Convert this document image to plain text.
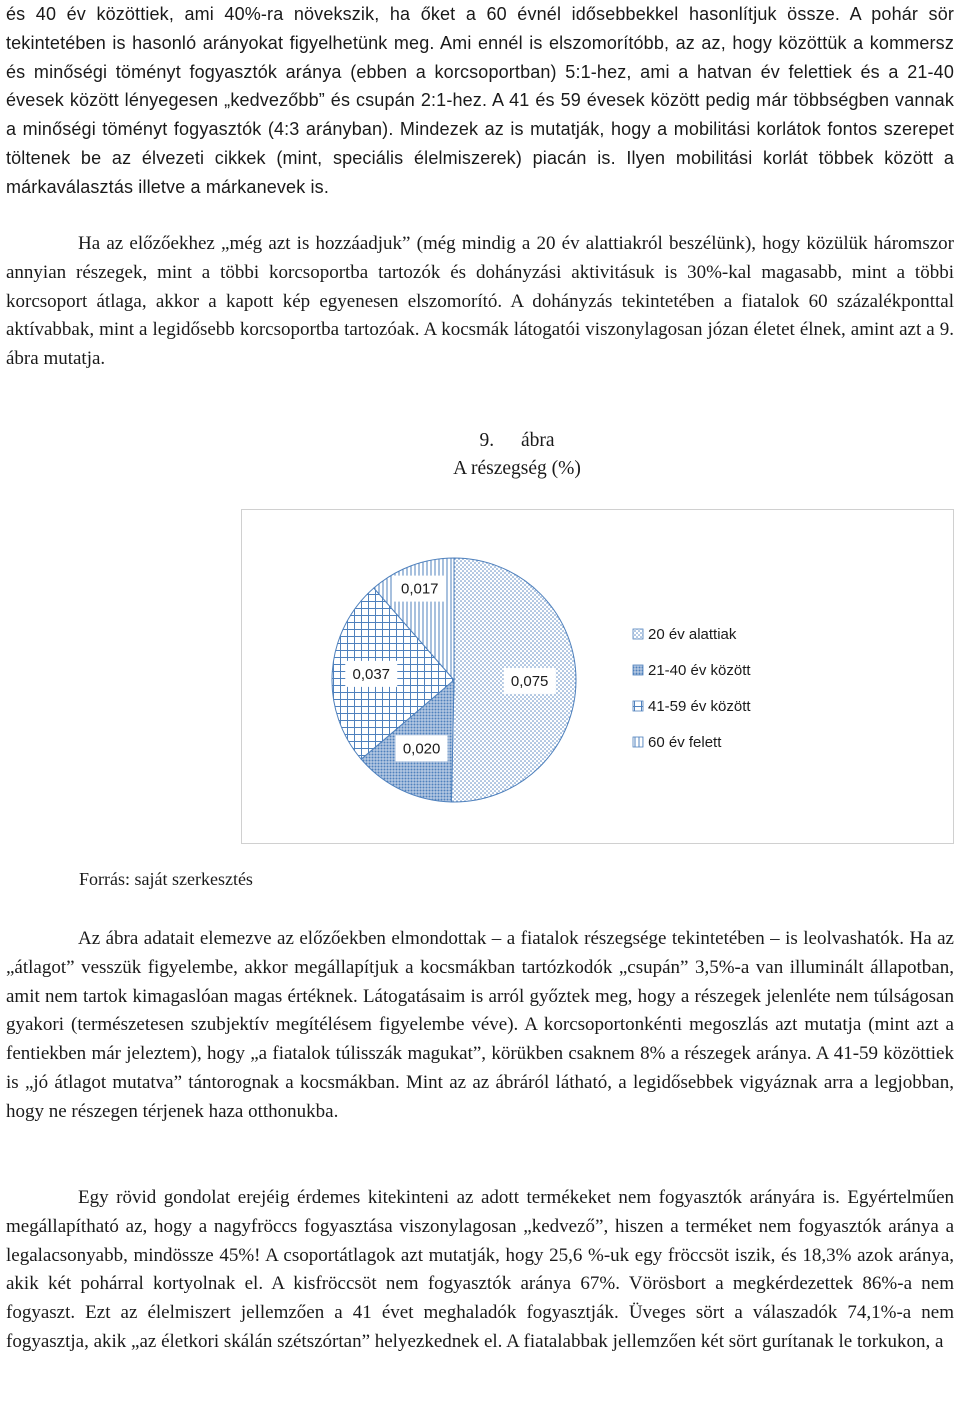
és 40 év közöttiek, ami 40%-ra növekszik, ha őket a 60 évnél idősebbekkel hasonlítjuk össze. A pohár sör tekintetében is hasonló arányokat figyelhetünk meg. Ami ennél is elszomorítóbb, az az, hogy közöttük a kommersz és minőségi töményt fogyasztók aránya (ebben a korcsoportban) 5:1-hez, ami a hatvan év felettiek és a 21-40 évesek között lényegesen „kedvezőbb” és csupán 2:1-hez. A 41 és 59 évesek között pedig már többségben vannak a minőségi töményt fogyasztók (4:3 arányban). Mindezek az is mutatják, hogy a mobilitási korlátok fontos szerepet töltenek be az élvezeti cikkek (mint, speciális élelmiszerek) piacán is. Ilyen mobilitási korlát többek között a márkaválasztás illetve a márkanevek is.

Ha az előzőekhez „még azt is hozzáadjuk” (még mindig a 20 év alattiakról beszélünk), hogy közülük háromszor annyian részegek, mint a többi korcsoportba tartozók és dohányzási aktivitásuk is 30%-kal magasabb, mint a többi korcsoport átlaga, akkor a kapott kép egyenesen elszomorító. A dohányzás tekintetében a fiatalok 60 százalékponttal aktívabbak, mint a legidősebb korcsoportba tartozóak. A kocsmák látogatói viszonylagosan józan életet élnek, amint azt a 9. ábra mutatja.

9. ábra
A részegség (%)
0,075
0,020
0,037
0,017
20 év alattiak
21-40 év között
41-59 év között
60 év felett
Forrás: saját szerkesztés

Az ábra adatait elemezve az előzőekben elmondottak – a fiatalok részegsége tekintetében – is leolvashatók. Ha az „átlagot” vesszük figyelembe, akkor megállapítjuk a kocsmákban tartózkodók „csupán” 3,5%-a van illuminált állapotban, amit nem tartok kimagaslóan magas értéknek. Látogatásaim is arról győztek meg, hogy a részegek jelenléte nem túlságosan gyakori (természetesen szubjektív megítélésem figyelembe véve). A korcsoportonkénti megoszlás azt mutatja (mint azt a fentiekben már jeleztem), hogy „a fiatalok túlisszák magukat”, körükben csaknem 8% a részegek aránya. A 41-59 közöttiek is „jó átlagot mutatva” tántorognak a kocsmákban. Mint az az ábráról látható, a legidősebbek vigyáznak arra a legjobban, hogy ne részegen térjenek haza otthonukba.

Egy rövid gondolat erejéig érdemes kitekinteni az adott termékeket nem fogyasztók arányára is. Egyértelműen megállapítható az, hogy a nagyfröccs fogyasztása viszonylagosan „kedvező”, hiszen a terméket nem fogyasztók aránya a legalacsonyabb, mindössze 45%! A csoportátlagok azt mutatják, hogy 25,6 %-uk egy fröccsöt iszik, és 18,3% azok aránya, akik két pohárral kortyolnak el. A kisfröccsöt nem fogyasztók aránya 67%. Vörösbort a megkérdezettek 86%-a nem fogyaszt. Ezt az élelmiszert jellemzően a 41 évet meghaladók fogyasztják. Üveges sört a válaszadók 74,1%-a nem fogyasztja, akik „az életkori skálán szétszórtan” helyezkednek el. A fiatalabbak jellemzően két sört gurítanak le torkukon, a
